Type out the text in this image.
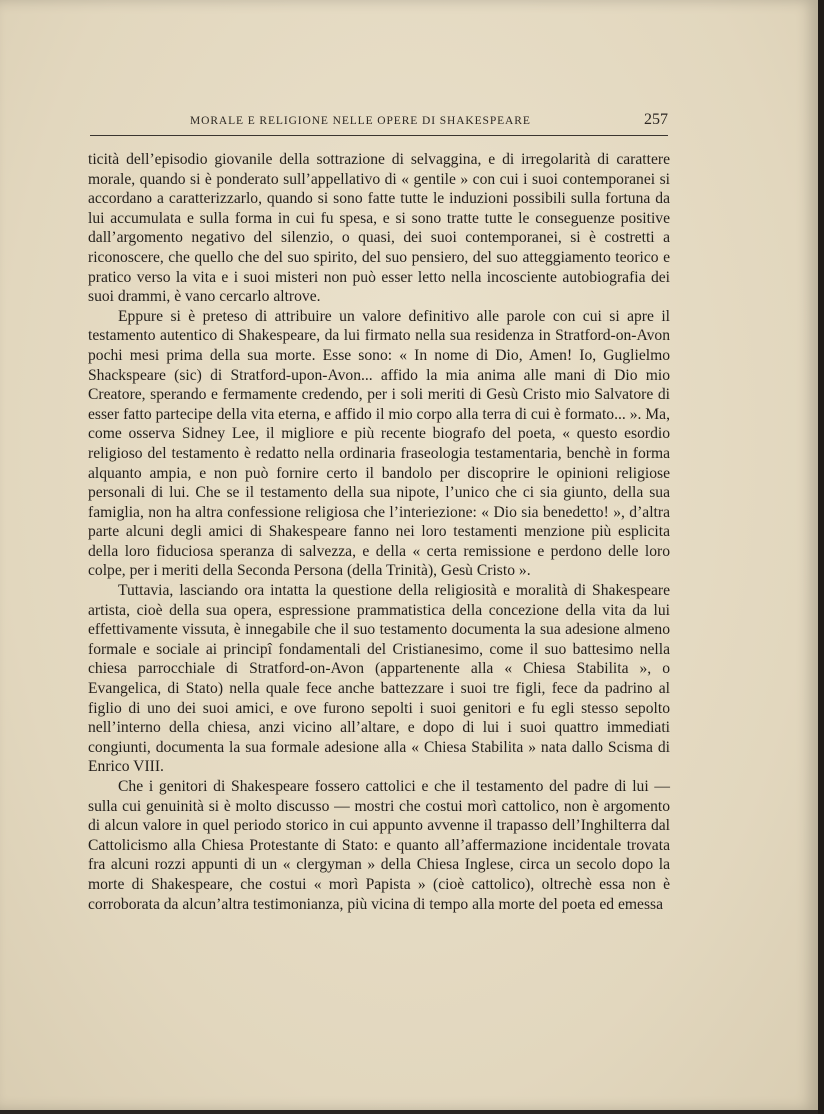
MORALE E RELIGIONE NELLE OPERE DI SHAKESPEARE	257

ticità dell’episodio giovanile della sottrazione di selvaggina, e di irregolarità di carattere morale, quando si è ponderato sull’appellativo di « gentile » con cui i suoi contemporanei si accordano a caratterizzarlo, quando si sono fatte tutte le induzioni possibili sulla fortuna da lui accumulata e sulla forma in cui fu spesa, e si sono tratte tutte le conseguenze positive dall’argomento negativo del silenzio, o quasi, dei suoi contemporanei, si è costretti a riconoscere, che quello che del suo spirito, del suo pensiero, del suo atteggiamento teorico e pratico verso la vita e i suoi misteri non può esser letto nella incosciente autobiografia dei suoi drammi, è vano cercarlo altrove.

Eppure si è preteso di attribuire un valore definitivo alle parole con cui si apre il testamento autentico di Shakespeare, da lui firmato nella sua residenza in Stratford-on-Avon pochi mesi prima della sua morte. Esse sono: « In nome di Dio, Amen! Io, Guglielmo Shackspeare (sic) di Stratford-upon-Avon... affido la mia anima alle mani di Dio mio Creatore, sperando e fermamente credendo, per i soli meriti di Gesù Cristo mio Salvatore di esser fatto partecipe della vita eterna, e affido il mio corpo alla terra di cui è formato... ». Ma, come osserva Sidney Lee, il migliore e più recente biografo del poeta, « questo esordio religioso del testamento è redatto nella ordinaria fraseologia testamentaria, benchè in forma alquanto ampia, e non può fornire certo il bandolo per discoprire le opinioni religiose personali di lui. Che se il testamento della sua nipote, l’unico che ci sia giunto, della sua famiglia, non ha altra confessione religiosa che l’interiezione: « Dio sia benedetto! », d’altra parte alcuni degli amici di Shakespeare fanno nei loro testamenti menzione più esplicita della loro fiduciosa speranza di salvezza, e della « certa remissione e perdono delle loro colpe, per i meriti della Seconda Persona (della Trinità), Gesù Cristo ».

Tuttavia, lasciando ora intatta la questione della religiosità e moralità di Shakespeare artista, cioè della sua opera, espressione prammatistica della concezione della vita da lui effettivamente vissuta, è innegabile che il suo testamento documenta la sua adesione almeno formale e sociale ai principî fondamentali del Cristianesimo, come il suo battesimo nella chiesa parrocchiale di Stratford-on-Avon (appartenente alla « Chiesa Stabilita », o Evangelica, di Stato) nella quale fece anche battezzare i suoi tre figli, fece da padrino al figlio di uno dei suoi amici, e ove furono sepolti i suoi genitori e fu egli stesso sepolto nell’interno della chiesa, anzi vicino all’altare, e dopo di lui i suoi quattro immediati congiunti, documenta la sua formale adesione alla « Chiesa Stabilita » nata dallo Scisma di Enrico VIII.

Che i genitori di Shakespeare fossero cattolici e che il testamento del padre di lui — sulla cui genuinità si è molto discusso — mostri che costui morì cattolico, non è argomento di alcun valore in quel periodo storico in cui appunto avvenne il trapasso dell’Inghilterra dal Cattolicismo alla Chiesa Protestante di Stato: e quanto all’affermazione incidentale trovata fra alcuni rozzi appunti di un « clergyman » della Chiesa Inglese, circa un secolo dopo la morte di Shakespeare, che costui « morì Papista » (cioè cattolico), oltrechè essa non è corroborata da alcun’altra testimonianza, più vicina di tempo alla morte del poeta ed emessa
